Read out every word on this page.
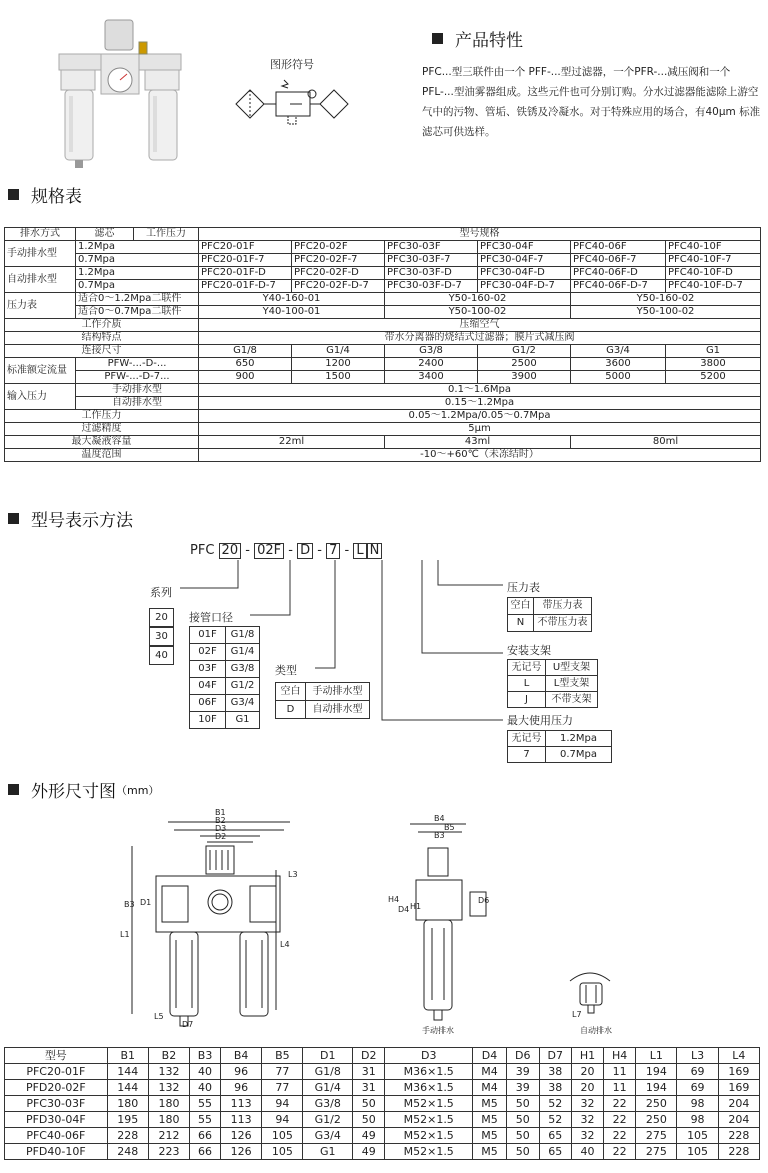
图形符号
产品特性
PFC...型三联件由一个 PFF-...型过滤器，一个PFR-...减压阀和一个 PFL-...型油雾器组成。这些元件也可分别订购。分水过滤器能滤除上游空气中的污物、管垢、铁锈及冷凝水。对于特殊应用的场合，有40μm 标准滤芯可供选样。
规格表
排水方式	滤芯	工作压力	型号规格					
手动排水型	1.2Mpa		PFC20-01F	PFC20-02F	PFC30-03F	PFC30-04F	PFC40-06F	PFC40-10F
	0.7Mpa		PFC20-01F-7	PFC20-02F-7	PFC30-03F-7	PFC30-04F-7	PFC40-06F-7	PFC40-10F-7
自动排水型	1.2Mpa		PFC20-01F-D	PFC20-02F-D	PFC30-03F-D	PFC30-04F-D	PFC40-06F-D	PFC40-10F-D
	0.7Mpa		PFC20-01F-D-7	PFC20-02F-D-7	PFC30-03F-D-7	PFC30-04F-D-7	PFC40-06F-D-7	PFC40-10F-D-7
压力表	适合0～1.2Mpa二联件		Y40-160-01		Y50-160-02		Y50-160-02	
	适合0～0.7Mpa二联件		Y40-100-01		Y50-100-02		Y50-100-02	
工作介质			压缩空气					
结构特点			带水分离器的烧结式过滤器；膜片式减压阀					
连接尺寸			G1/8	G1/4	G3/8	G1/2	G3/4	G1
标准额定流量	PFW-...-D-...		650	1200	2400	2500	3600	3800
	PFW-...-D-7...		900	1500	3400	3900	5000	5200
输入压力	手动排水型		0.1～1.6Mpa					
	自动排水型		0.15～1.2Mpa					
工作压力			0.05～1.2Mpa/0.05～0.7Mpa					
过滤精度			5μm					
最大凝液容量			22ml		43ml		80ml	
温度范围			-10～+60℃（未冻结时）					
型号表示方法
PFC 20 - 02F - D - 7 - L N
系列
20
30
40
接管口径
01F	G1/8
02F	G1/4
03F	G3/8
04F	G1/2
06F	G3/4
10F	G1
类型
空白	手动排水型
D	自动排水型
压力表
空白	带压力表
N	不带压力表
安装支架
无记号	U型支架
L	L型支架
J	不带支架
最大使用压力
无记号	1.2Mpa
7	0.7Mpa
外形尺寸图 （mm）
B1
B2
D3
D2
L3
B3 D1
L1
L4
L5
D7
B4
B5
B3
H4
D4 H1
D6
L7
手动排水	自动排水
型号	B1	B2	B3	B4	B5	D1	D2	D3	D4	D6	D7	H1	H4	L1	L3	L4
PFC20-01F	144	132	40	96	77	G1/8	31	M36×1.5	M4	39	38	20	11	194	69	169
PFD20-02F	144	132	40	96	77	G1/4	31	M36×1.5	M4	39	38	20	11	194	69	169
PFC30-03F	180	180	55	113	94	G3/8	50	M52×1.5	M5	50	52	32	22	250	98	204
PFD30-04F	195	180	55	113	94	G1/2	50	M52×1.5	M5	50	52	32	22	250	98	204
PFC40-06F	228	212	66	126	105	G3/4	49	M52×1.5	M5	50	65	32	22	275	105	228
PFD40-10F	248	223	66	126	105	G1	49	M52×1.5	M5	50	65	40	22	275	105	228
